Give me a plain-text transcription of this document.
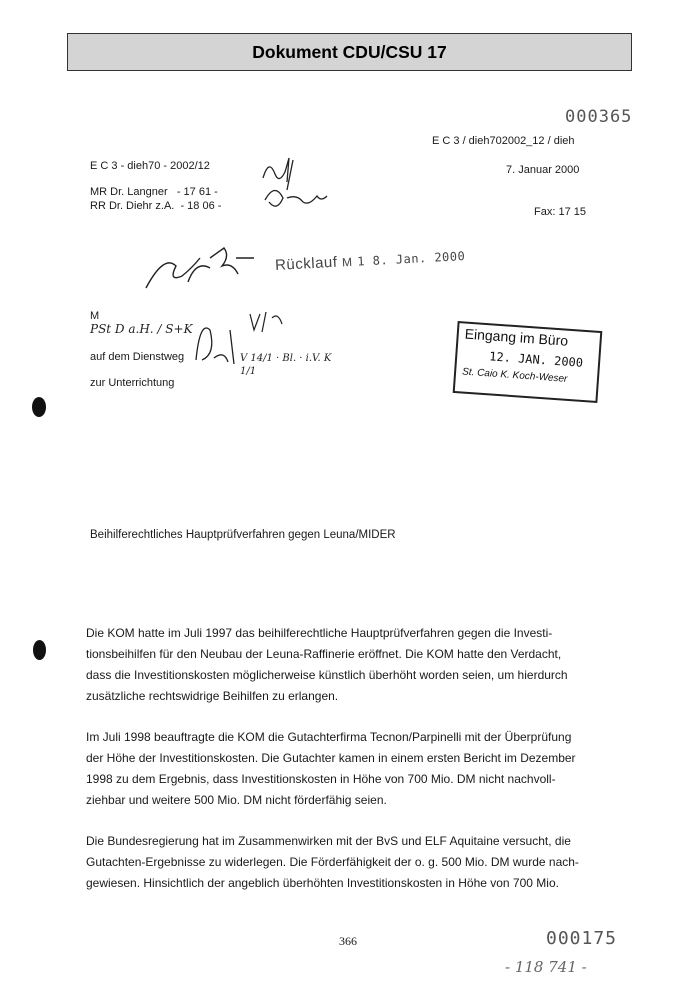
Dokument CDU/CSU 17
000365
E C 3 / dieh702002_12 / dieh
E C 3 - dieh70 - 2002/12	7. Januar 2000
MR Dr. Langner   - 17 61 -
RR Dr. Diehr z.A.  - 18 06 -	Fax: 17 15
Rücklauf M 1 8. Jan. 2000
M
PSt D a.H. / S+K
V 14/1 · Bl. · i.V. K 1/1
auf dem Dienstweg
zur Unterrichtung
Eingang im Büro
12. JAN. 2000
St. Caio K. Koch-Weser
Beihilferechtliches Hauptprüfverfahren gegen Leuna/MIDER
Die KOM hatte im Juli 1997 das beihilferechtliche Hauptprüfverfahren gegen die Investi-
tionsbeihilfen für den Neubau der Leuna-Raffinerie eröffnet. Die KOM hatte den Verdacht,
dass die Investitionskosten möglicherweise künstlich überhöht worden seien, um hierdurch
zusätzliche rechtswidrige Beihilfen zu erlangen.
Im Juli 1998 beauftragte die KOM die Gutachterfirma Tecnon/Parpinelli mit der Überprüfung
der Höhe der Investitionskosten. Die Gutachter kamen in einem ersten Bericht im Dezember
1998 zu dem Ergebnis, dass Investitionskosten in Höhe von 700 Mio. DM nicht nachvoll-
ziehbar und weitere 500 Mio. DM nicht förderfähig seien.
Die Bundesregierung hat im Zusammenwirken mit der BvS und ELF Aquitaine versucht, die
Gutachten-Ergebnisse zu widerlegen. Die Förderfähigkeit der o. g. 500 Mio. DM wurde nach-
gewiesen. Hinsichtlich der angeblich überhöhten Investitionskosten in Höhe von 700 Mio.
366	000175
- 118 741 -
